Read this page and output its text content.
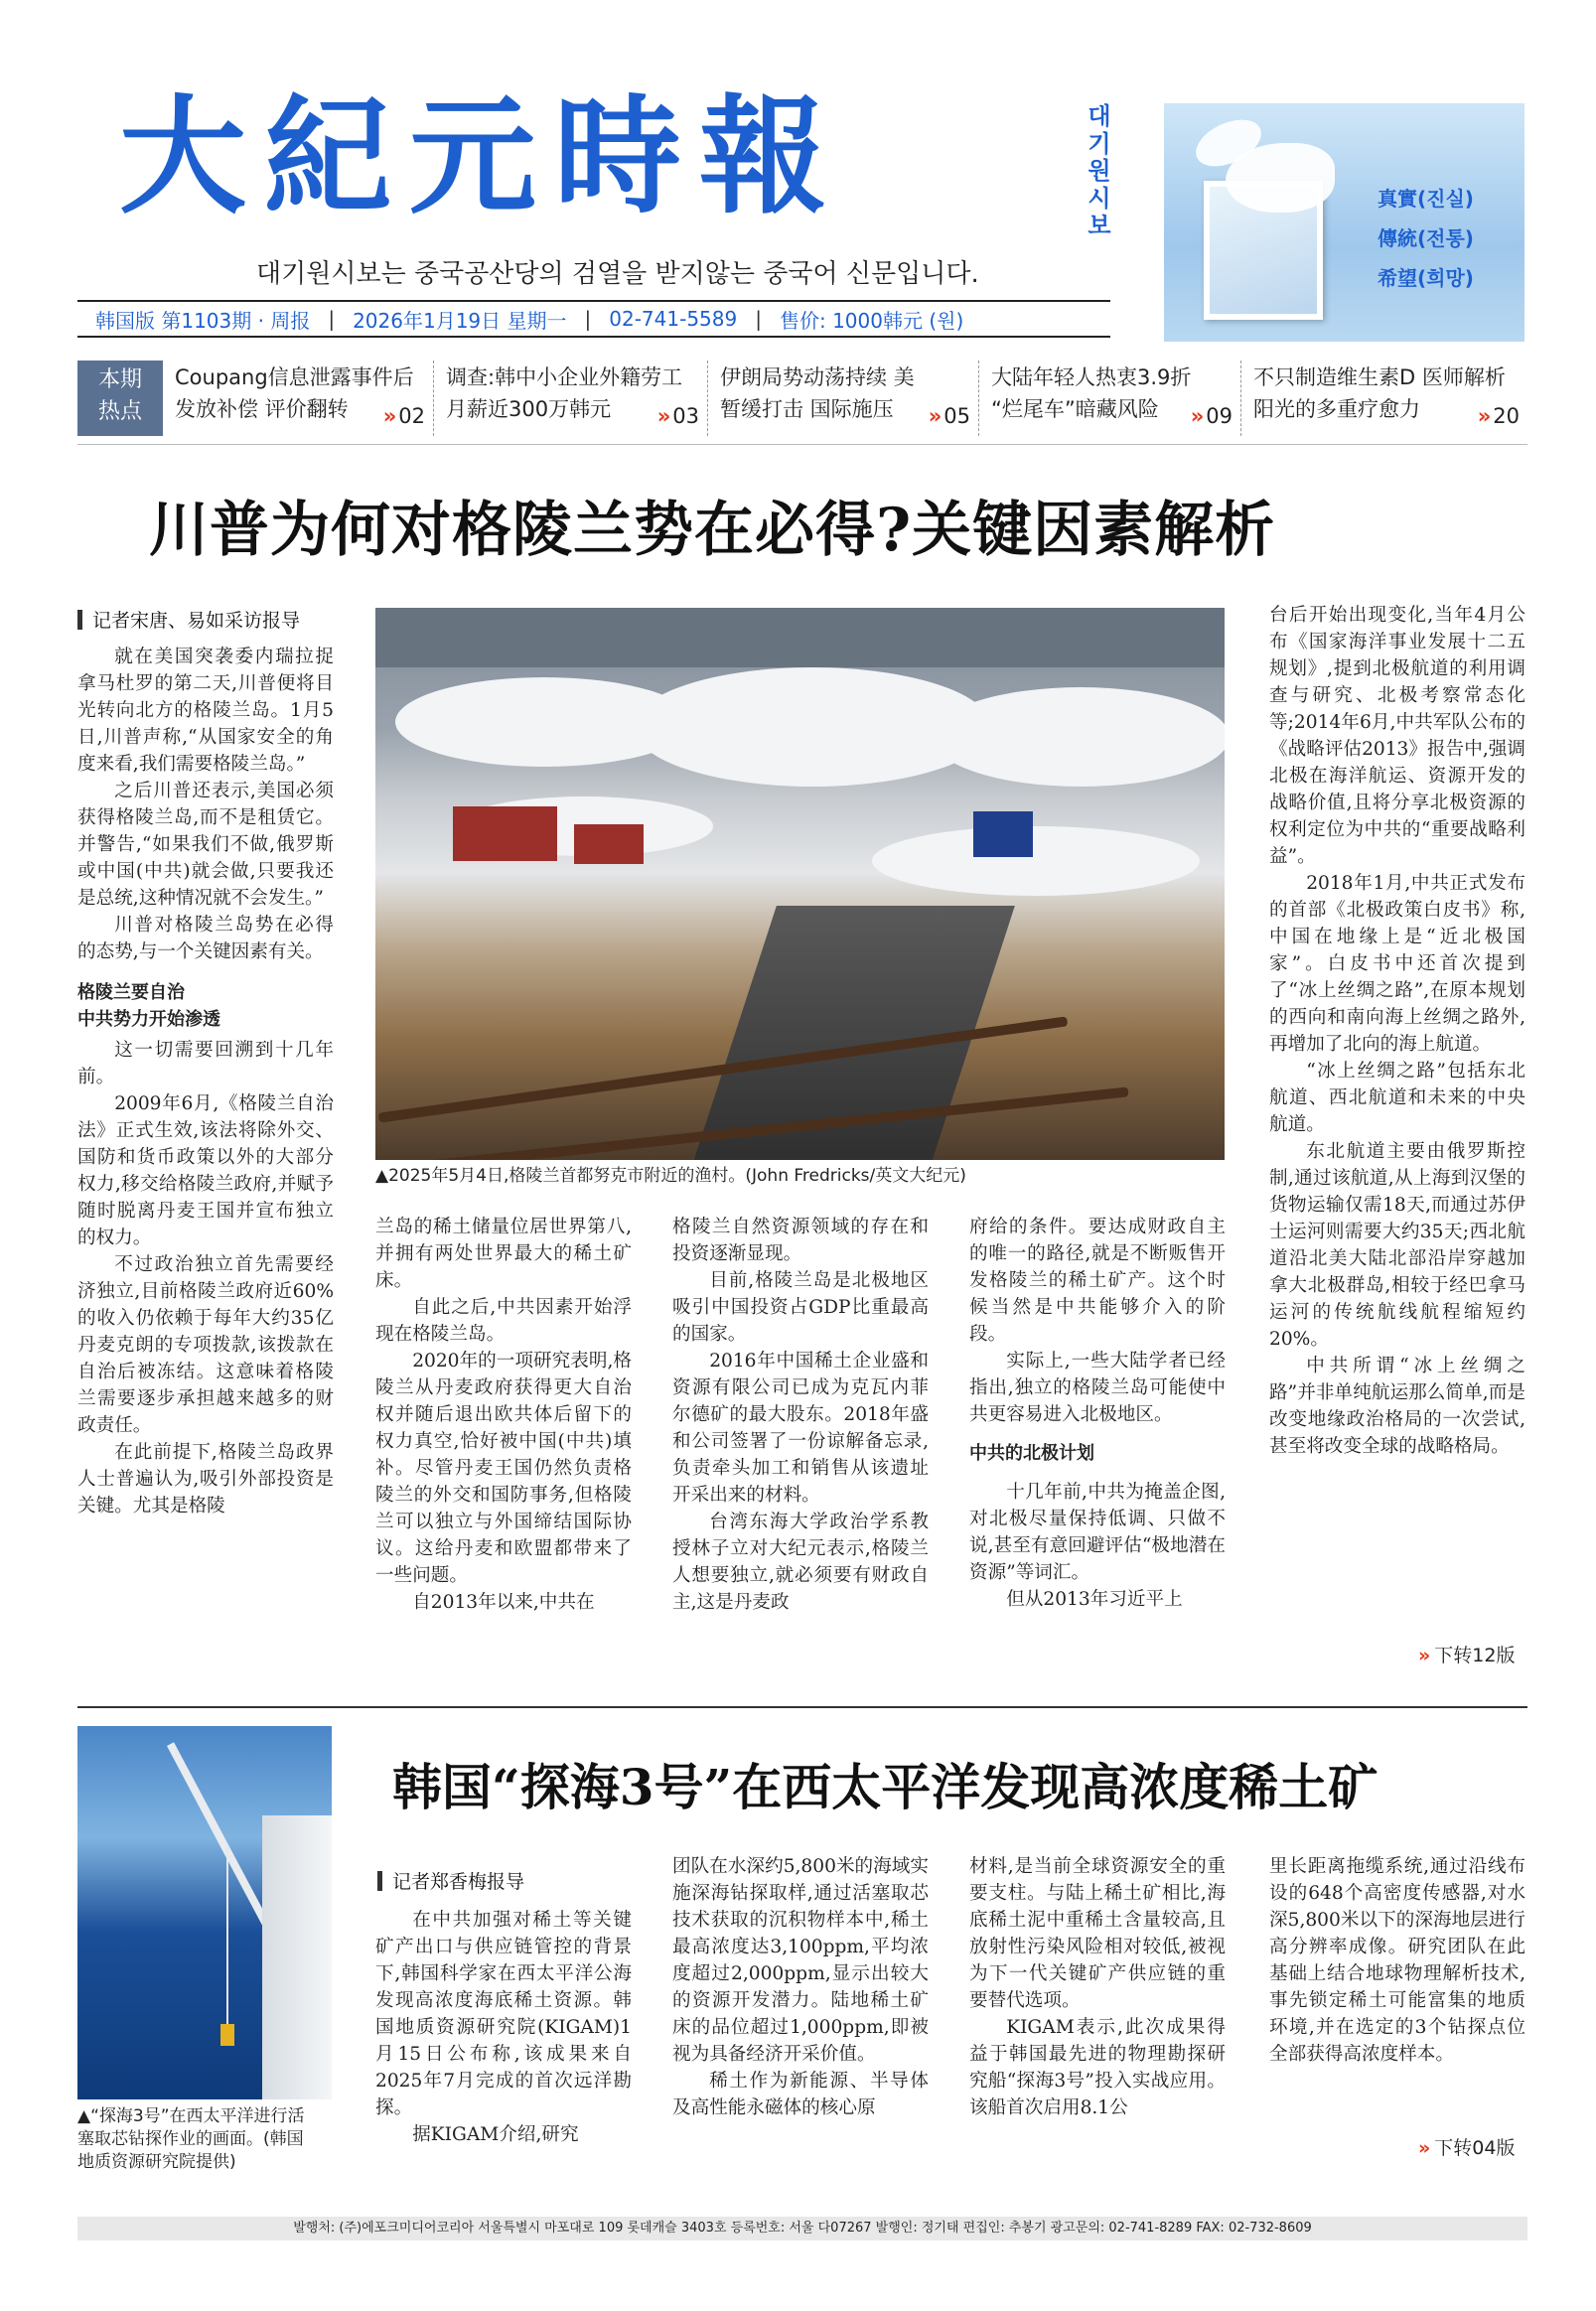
大紀元時報	대기원시보
대기원시보는 중국공산당의 검열을 받지않는 중국어 신문입니다.
韩国版 第1103期 · 周报 | 2026年1月19日 星期一 | 02-741-5589 | 售价: 1000韩元 (원)
真實(진실)
傳統(전통)
希望(희망)
本期
热点
Coupang信息泄露事件后
发放补偿 评价翻转	»02
调查:韩中小企业外籍劳工
月薪近300万韩元	»03
伊朗局势动荡持续 美
暂缓打击 国际施压	»05
大陆年轻人热衷3.9折
“烂尾车”暗藏风险	»09
不只制造维生素D 医师解析
阳光的多重疗愈力	»20
川普为何对格陵兰势在必得?关键因素解析
记者宋唐、易如采访报导
▲2025年5月4日,格陵兰首都努克市附近的渔村。(John Fredricks/英文大纪元)

就在美国突袭委内瑞拉捉拿马杜罗的第二天,川普便将目光转向北方的格陵兰岛。1月5日,川普声称,“从国家安全的角度来看,我们需要格陵兰岛。”

之后川普还表示,美国必须获得格陵兰岛,而不是租赁它。并警告,“如果我们不做,俄罗斯或中国(中共)就会做,只要我还是总统,这种情况就不会发生。”

川普对格陵兰岛势在必得的态势,与一个关键因素有关。

格陵兰要自治
中共势力开始渗透

这一切需要回溯到十几年前。

2009年6月,《格陵兰自治法》正式生效,该法将除外交、国防和货币政策以外的大部分权力,移交给格陵兰政府,并赋予随时脱离丹麦王国并宣布独立的权力。

不过政治独立首先需要经济独立,目前格陵兰政府近60%的收入仍依赖于每年大约35亿丹麦克朗的专项拨款,该拨款在自治后被冻结。这意味着格陵兰需要逐步承担越来越多的财政责任。

在此前提下,格陵兰岛政界人士普遍认为,吸引外部投资是关键。尤其是格陵

兰岛的稀土储量位居世界第八,并拥有两处世界最大的稀土矿床。

自此之后,中共因素开始浮现在格陵兰岛。

2020年的一项研究表明,格陵兰从丹麦政府获得更大自治权并随后退出欧共体后留下的权力真空,恰好被中国(中共)填补。尽管丹麦王国仍然负责格陵兰的外交和国防事务,但格陵兰可以独立与外国缔结国际协议。这给丹麦和欧盟都带来了一些问题。

自2013年以来,中共在

格陵兰自然资源领域的存在和投资逐渐显现。

目前,格陵兰岛是北极地区吸引中国投资占GDP比重最高的国家。

2016年中国稀土企业盛和资源有限公司已成为克瓦内菲尔德矿的最大股东。2018年盛和公司签署了一份谅解备忘录,负责牵头加工和销售从该遗址开采出来的材料。

台湾东海大学政治学系教授林子立对大纪元表示,格陵兰人想要独立,就必须要有财政自主,这是丹麦政

府给的条件。要达成财政自主的唯一的路径,就是不断贩售开发格陵兰的稀土矿产。这个时候当然是中共能够介入的阶段。

实际上,一些大陆学者已经指出,独立的格陵兰岛可能使中共更容易进入北极地区。

中共的北极计划

十几年前,中共为掩盖企图,对北极尽量保持低调、只做不说,甚至有意回避评估“极地潜在资源”等词汇。

但从2013年习近平上

台后开始出现变化,当年4月公布《国家海洋事业发展十二五规划》,提到北极航道的利用调查与研究、北极考察常态化等;2014年6月,中共军队公布的《战略评估2013》报告中,强调北极在海洋航运、资源开发的战略价值,且将分享北极资源的权利定位为中共的“重要战略利益”。

2018年1月,中共正式发布的首部《北极政策白皮书》称,中国在地缘上是“近北极国家”。白皮书中还首次提到了“冰上丝绸之路”,在原本规划的西向和南向海上丝绸之路外,再增加了北向的海上航道。

“冰上丝绸之路”包括东北航道、西北航道和未来的中央航道。

东北航道主要由俄罗斯控制,通过该航道,从上海到汉堡的货物运输仅需18天,而通过苏伊士运河则需要大约35天;西北航道沿北美大陆北部沿岸穿越加拿大北极群岛,相较于经巴拿马运河的传统航线航程缩短约20%。

中共所谓“冰上丝绸之路”并非单纯航运那么简单,而是改变地缘政治格局的一次尝试,甚至将改变全球的战略格局。

» 下转12版
▲“探海3号”在西太平洋进行活
塞取芯钻探作业的画面。(韩国
地质资源研究院提供)
韩国“探海3号”在西太平洋发现高浓度稀土矿
记者郑香梅报导

在中共加强对稀土等关键矿产出口与供应链管控的背景下,韩国科学家在西太平洋公海发现高浓度海底稀土资源。韩国地质资源研究院(KIGAM)1月15日公布称,该成果来自2025年7月完成的首次远洋勘探。

据KIGAM介绍,研究

团队在水深约5,800米的海域实施深海钻探取样,通过活塞取芯技术获取的沉积物样本中,稀土最高浓度达3,100ppm,平均浓度超过2,000ppm,显示出较大的资源开发潜力。陆地稀土矿床的品位超过1,000ppm,即被视为具备经济开采价值。

稀土作为新能源、半导体及高性能永磁体的核心原

材料,是当前全球资源安全的重要支柱。与陆上稀土矿相比,海底稀土泥中重稀土含量较高,且放射性污染风险相对较低,被视为下一代关键矿产供应链的重要替代选项。

KIGAM表示,此次成果得益于韩国最先进的物理勘探研究船“探海3号”投入实战应用。该船首次启用8.1公

里长距离拖缆系统,通过沿线布设的648个高密度传感器,对水深5,800米以下的深海地层进行高分辨率成像。研究团队在此基础上结合地球物理解析技术,事先锁定稀土可能富集的地质环境,并在选定的3个钻探点位全部获得高浓度样本。

» 下转04版
발행처: (주)에포크미디어코리아 서울특별시 마포대로 109 롯데캐슬 3403호 등록번호: 서울 다07267 발행인: 정기태 편집인: 추봉기 광고문의: 02-741-8289 FAX: 02-732-8609
